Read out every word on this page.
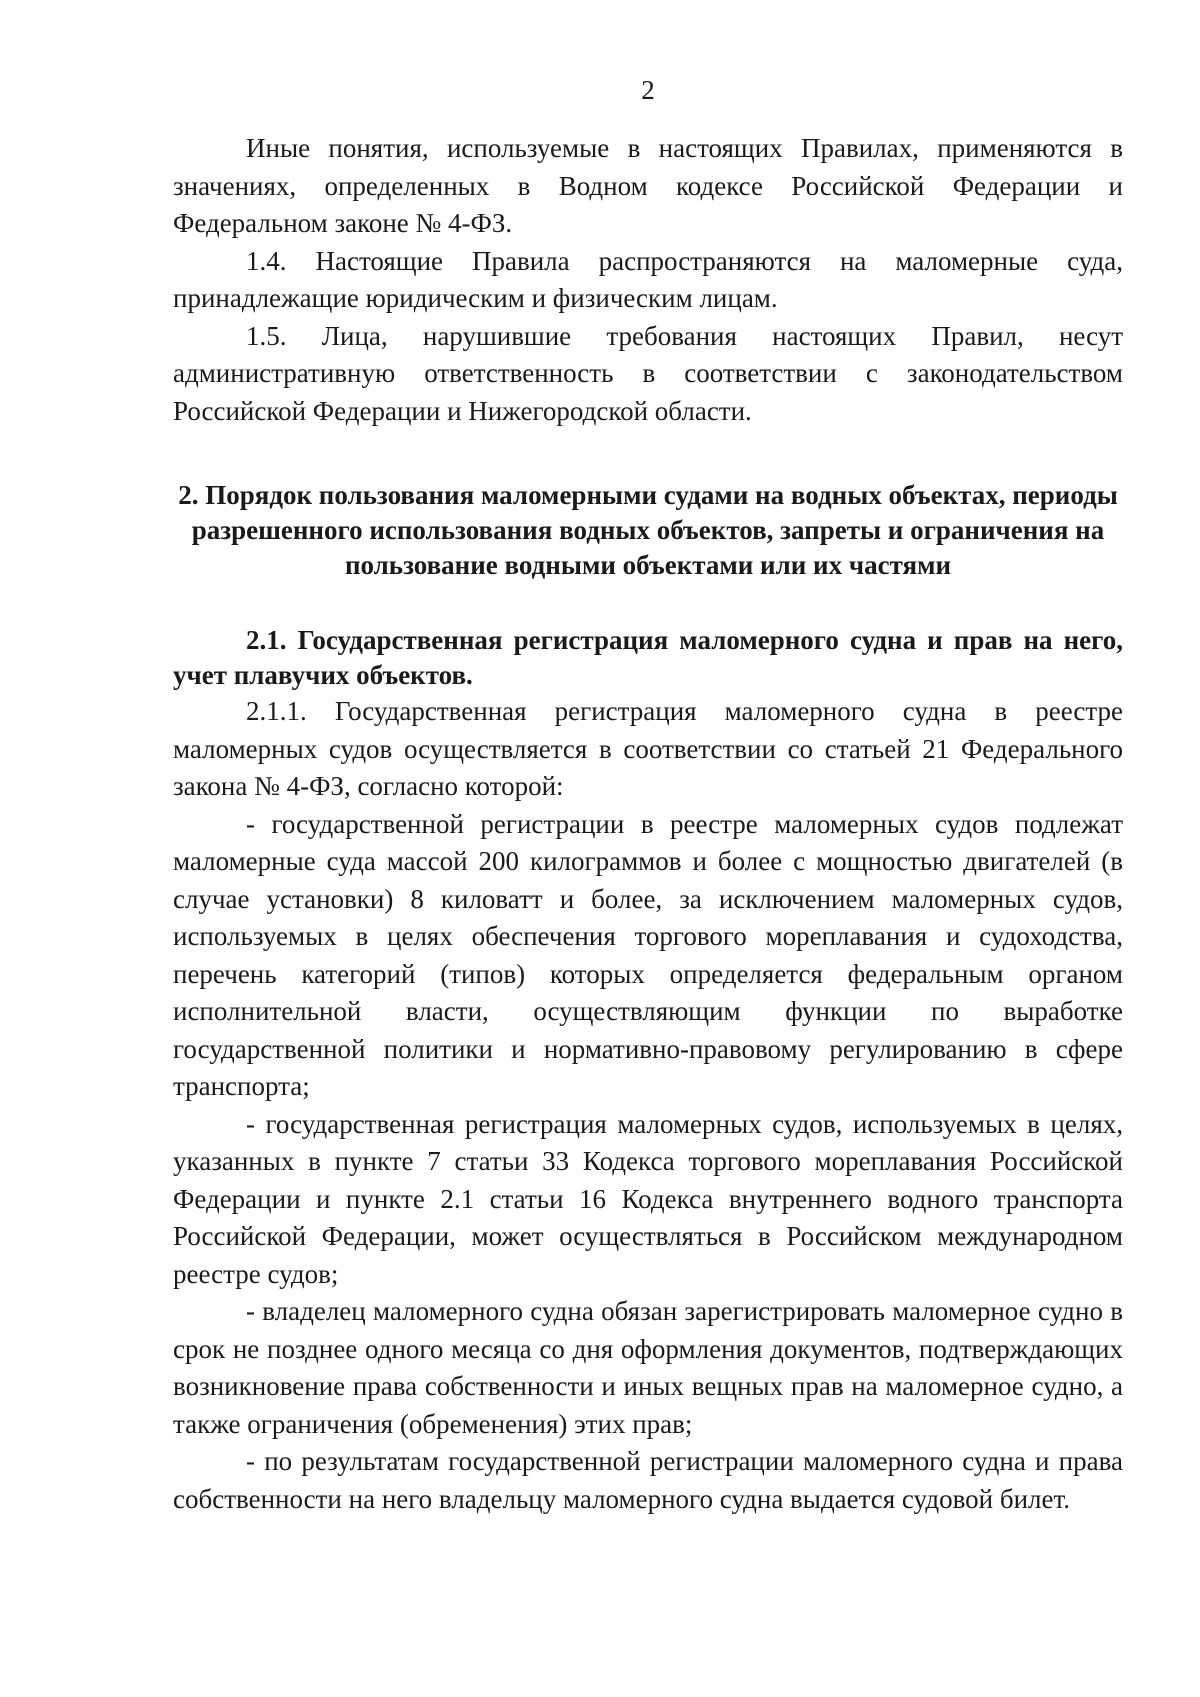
2

Иные понятия, используемые в настоящих Правилах, применяются в значениях, определенных в Водном кодексе Российской Федерации и Федеральном законе № 4-ФЗ.

1.4. Настоящие Правила распространяются на маломерные суда, принадлежащие юридическим и физическим лицам.

1.5. Лица, нарушившие требования настоящих Правил, несут административную ответственность в соответствии с законодательством Российской Федерации и Нижегородской области.

2. Порядок пользования маломерными судами на водных объектах, периоды разрешенного использования водных объектов, запреты и ограничения на пользование водными объектами или их частями

2.1. Государственная регистрация маломерного судна и прав на него, учет плавучих объектов.

2.1.1. Государственная регистрация маломерного судна в реестре маломерных судов осуществляется в соответствии со статьей 21 Федерального закона № 4-ФЗ, согласно которой:

- государственной регистрации в реестре маломерных судов подлежат маломерные суда массой 200 килограммов и более с мощностью двигателей (в случае установки) 8 киловатт и более, за исключением маломерных судов, используемых в целях обеспечения торгового мореплавания и судоходства, перечень категорий (типов) которых определяется федеральным органом исполнительной власти, осуществляющим функции по выработке государственной политики и нормативно-правовому регулированию в сфере транспорта;

- государственная регистрация маломерных судов, используемых в целях, указанных в пункте 7 статьи 33 Кодекса торгового мореплавания Российской Федерации и пункте 2.1 статьи 16 Кодекса внутреннего водного транспорта Российской Федерации, может осуществляться в Российском международном реестре судов;

- владелец маломерного судна обязан зарегистрировать маломерное судно в срок не позднее одного месяца со дня оформления документов, подтверждающих возникновение права собственности и иных вещных прав на маломерное судно, а также ограничения (обременения) этих прав;

- по результатам государственной регистрации маломерного судна и права собственности на него владельцу маломерного судна выдается судовой билет.
